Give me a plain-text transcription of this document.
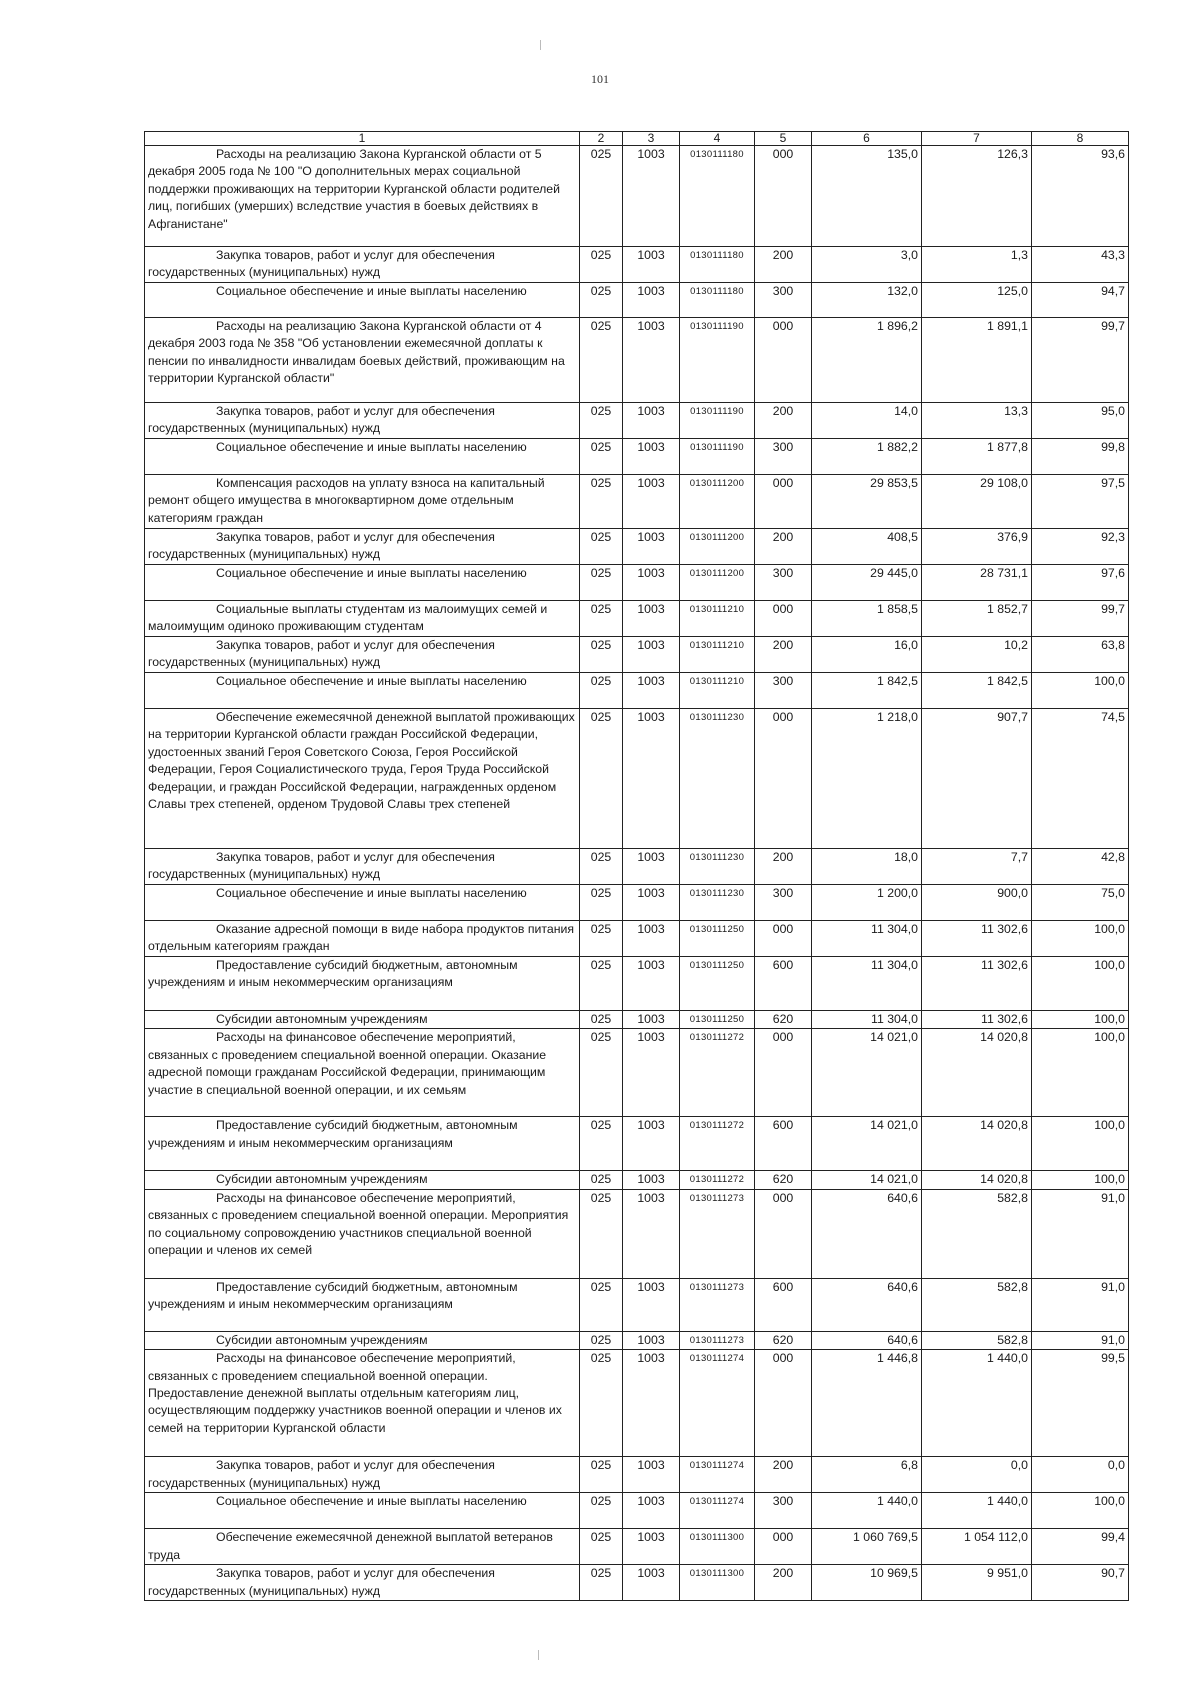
101
1	2	3	4	5	6	7	8

Расходы на реализацию Закона Курганской области от 5 декабря 2005 года № 100 "О дополнительных мерах социальной поддержки проживающих на территории Курганской области родителей лиц, погибших (умерших) вследствие участия в боевых действиях в Афганистане"	025	1003	0130111180	000	135,0	126,3	93,6

Закупка товаров, работ и услуг для обеспечения государственных (муниципальных) нужд	025	1003	0130111180	200	3,0	1,3	43,3

Социальное обеспечение и иные выплаты населению	025	1003	0130111180	300	132,0	125,0	94,7

Расходы на реализацию Закона Курганской области от 4 декабря 2003 года № 358 "Об установлении ежемесячной доплаты к пенсии по инвалидности инвалидам боевых действий, проживающим на территории Курганской области"	025	1003	0130111190	000	1 896,2	1 891,1	99,7

Закупка товаров, работ и услуг для обеспечения государственных (муниципальных) нужд	025	1003	0130111190	200	14,0	13,3	95,0

Социальное обеспечение и иные выплаты населению	025	1003	0130111190	300	1 882,2	1 877,8	99,8

Компенсация расходов на уплату взноса на капитальный ремонт общего имущества в многоквартирном доме отдельным категориям граждан	025	1003	0130111200	000	29 853,5	29 108,0	97,5

Закупка товаров, работ и услуг для обеспечения государственных (муниципальных) нужд	025	1003	0130111200	200	408,5	376,9	92,3

Социальное обеспечение и иные выплаты населению	025	1003	0130111200	300	29 445,0	28 731,1	97,6

Социальные выплаты студентам из малоимущих семей и малоимущим одиноко проживающим студентам	025	1003	0130111210	000	1 858,5	1 852,7	99,7

Закупка товаров, работ и услуг для обеспечения государственных (муниципальных) нужд	025	1003	0130111210	200	16,0	10,2	63,8

Социальное обеспечение и иные выплаты населению	025	1003	0130111210	300	1 842,5	1 842,5	100,0

Обеспечение ежемесячной денежной выплатой проживающих на территории Курганской области граждан Российской Федерации, удостоенных званий Героя Советского Союза, Героя Российской Федерации, Героя Социалистического труда, Героя Труда Российской Федерации, и граждан Российской Федерации, награжденных орденом Славы трех степеней, орденом Трудовой Славы трех степеней	025	1003	0130111230	000	1 218,0	907,7	74,5

Закупка товаров, работ и услуг для обеспечения государственных (муниципальных) нужд	025	1003	0130111230	200	18,0	7,7	42,8

Социальное обеспечение и иные выплаты населению	025	1003	0130111230	300	1 200,0	900,0	75,0

Оказание адресной помощи в виде набора продуктов питания отдельным категориям граждан	025	1003	0130111250	000	11 304,0	11 302,6	100,0

Предоставление субсидий бюджетным, автономным учреждениям и иным некоммерческим организациям	025	1003	0130111250	600	11 304,0	11 302,6	100,0

Субсидии автономным учреждениям	025	1003	0130111250	620	11 304,0	11 302,6	100,0

Расходы на финансовое обеспечение мероприятий, связанных с проведением специальной военной операции. Оказание адресной помощи гражданам Российской Федерации, принимающим участие в специальной военной операции, и их семьям	025	1003	0130111272	000	14 021,0	14 020,8	100,0

Предоставление субсидий бюджетным, автономным учреждениям и иным некоммерческим организациям	025	1003	0130111272	600	14 021,0	14 020,8	100,0

Субсидии автономным учреждениям	025	1003	0130111272	620	14 021,0	14 020,8	100,0

Расходы на финансовое обеспечение мероприятий, связанных с проведением специальной военной операции. Мероприятия по социальному сопровождению участников специальной военной операции и членов их семей	025	1003	0130111273	000	640,6	582,8	91,0

Предоставление субсидий бюджетным, автономным учреждениям и иным некоммерческим организациям	025	1003	0130111273	600	640,6	582,8	91,0

Субсидии автономным учреждениям	025	1003	0130111273	620	640,6	582,8	91,0

Расходы на финансовое обеспечение мероприятий, связанных с проведением специальной военной операции. Предоставление денежной выплаты отдельным категориям лиц, осуществляющим поддержку участников военной операции и членов их семей на территории Курганской области	025	1003	0130111274	000	1 446,8	1 440,0	99,5

Закупка товаров, работ и услуг для обеспечения государственных (муниципальных) нужд	025	1003	0130111274	200	6,8	0,0	0,0

Социальное обеспечение и иные выплаты населению	025	1003	0130111274	300	1 440,0	1 440,0	100,0

Обеспечение ежемесячной денежной выплатой ветеранов труда	025	1003	0130111300	000	1 060 769,5	1 054 112,0	99,4

Закупка товаров, работ и услуг для обеспечения государственных (муниципальных) нужд	025	1003	0130111300	200	10 969,5	9 951,0	90,7
